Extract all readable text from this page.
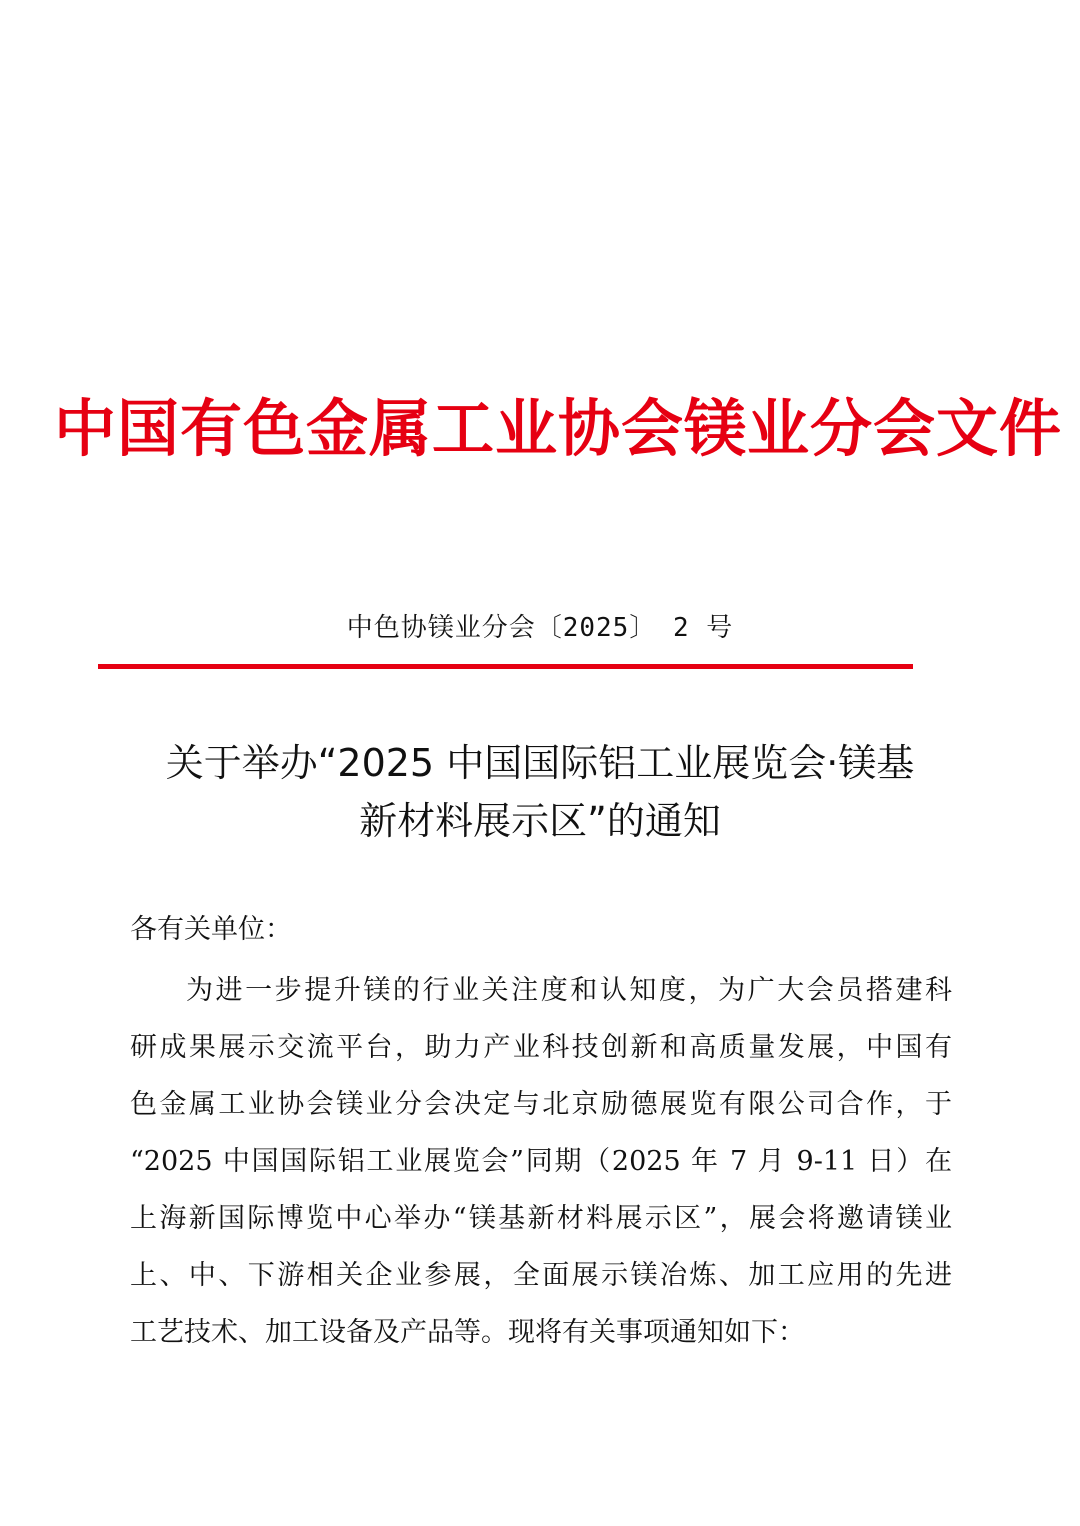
中国有色金属工业协会镁业分会文件
中色协镁业分会〔2025〕 2 号
关于举办“2025 中国国际铝工业展览会·镁基
新材料展示区”的通知
各有关单位：
为进一步提升镁的行业关注度和认知度，为广大会员搭建科
研成果展示交流平台，助力产业科技创新和高质量发展，中国有
色金属工业协会镁业分会决定与北京励德展览有限公司合作，于
“2025 中国国际铝工业展览会”同期（2025 年 7 月 9-11 日）在
上海新国际博览中心举办“镁基新材料展示区”，展会将邀请镁业
上、中、下游相关企业参展，全面展示镁冶炼、加工应用的先进
工艺技术、加工设备及产品等。现将有关事项通知如下：
